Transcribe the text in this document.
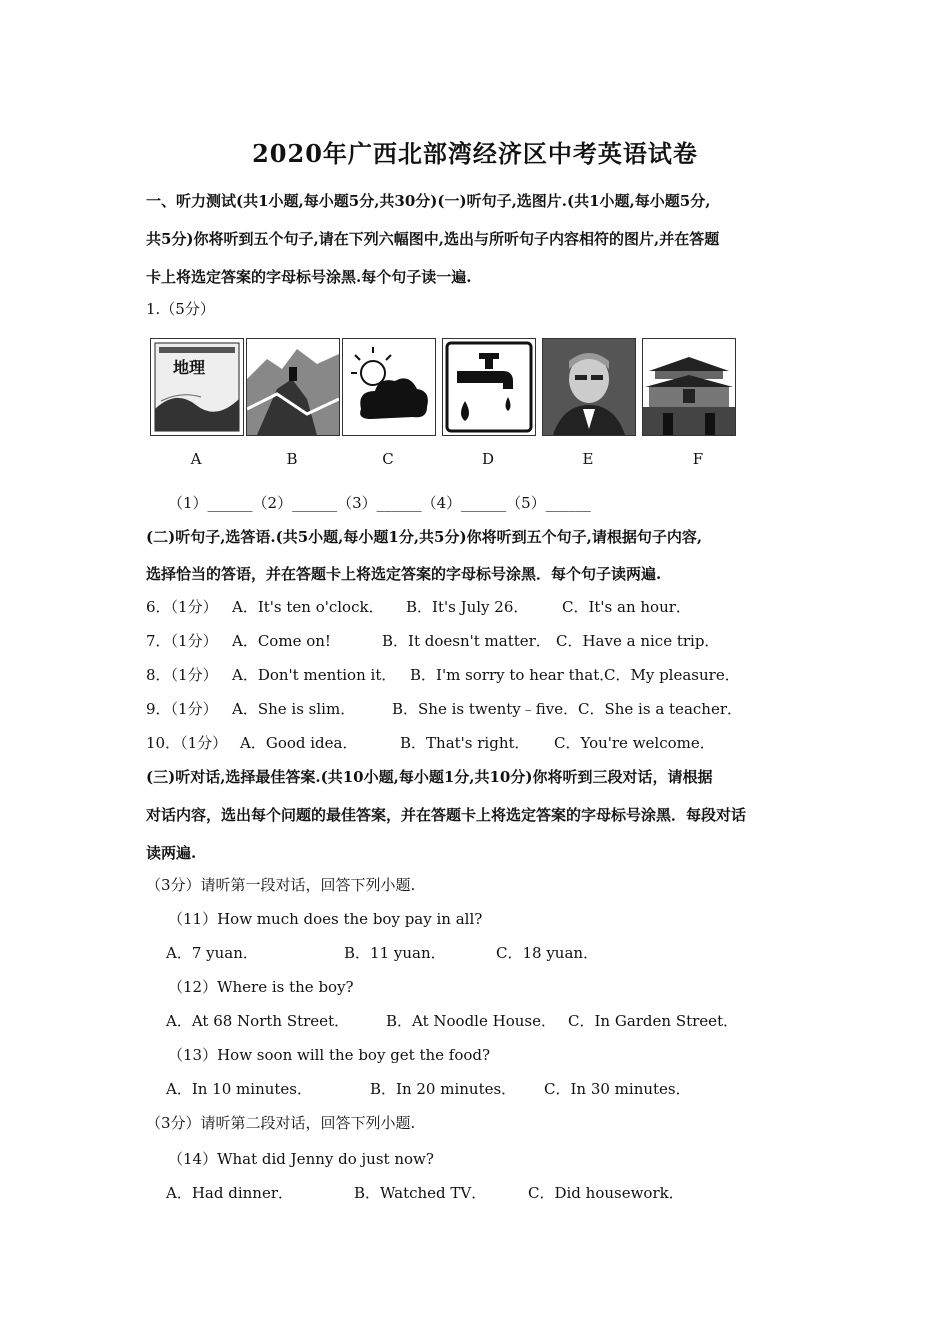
2020年广西北部湾经济区中考英语试卷
一、听力测试(共1小题,每小题5分,共30分)(一)听句子,选图片.(共1小题,每小题5分,
共5分)你将听到五个句子,请在下列六幅图中,选出与所听句子内容相符的图片,并在答题
卡上将选定答案的字母标号涂黑.每个句子读一遍.
1.（5分）
地理
A	B	C	D	E	F
（1）______（2）______（3）______（4）______（5）______
(二)听句子,选答语.(共5小题,每小题1分,共5分)你将听到五个句子,请根据句子内容,
选择恰当的答语，并在答题卡上将选定答案的字母标号涂黑．每个句子读两遍.
6．（1分） A．It's ten o'clock． B．It's July 26． C．It's an hour．
7．（1分） A．Come on!	B．It doesn't matter． C．Have a nice trip．
8．（1分） A．Don't mention it． B．I'm sorry to hear that．
C．My pleasure．
9．（1分） A．She is slim． B．She is twenty﹣five． C．She is a teacher．
10．（1分） A．Good idea．	B．That's right． C．You're welcome．
(三)听对话,选择最佳答案.(共10小题,每小题1分,共10分)你将听到三段对话，请根据
对话内容，选出每个问题的最佳答案，并在答题卡上将选定答案的字母标号涂黑．每段对话
读两遍.
（3分）请听第一段对话，回答下列小题.
（11）How much does the boy pay in all?
A．7 yuan．	B．11 yuan．	C．18 yuan．
（12）Where is the boy?
A．At 68 North Street． B．At Noodle House． C．In Garden Street．
（13）How soon will the boy get the food?
A．In 10 minutes．	B．In 20 minutes． C．In 30 minutes．
（3分）请听第二段对话，回答下列小题.
（14）What did Jenny do just now?
A．Had dinner．	B．Watched TV．	C．Did housework．
